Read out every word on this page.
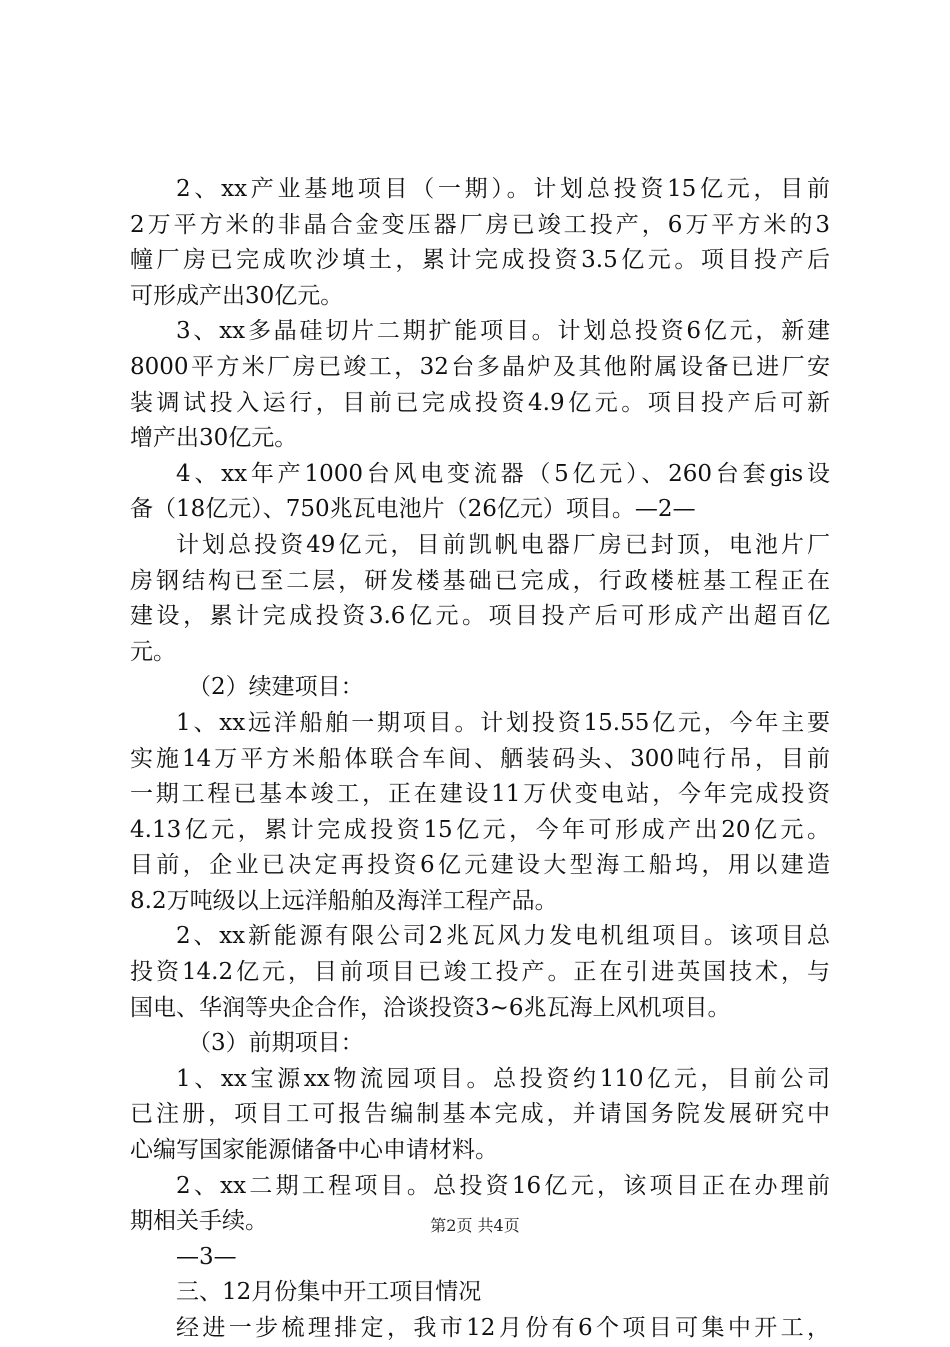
2、xx产业基地项目（一期）。计划总投资15亿元，目前
2万平方米的非晶合金变压器厂房已竣工投产，6万平方米的3
幢厂房已完成吹沙填土，累计完成投资3.5亿元。项目投产后
可形成产出30亿元。
3、xx多晶硅切片二期扩能项目。计划总投资6亿元，新建
8000平方米厂房已竣工，32台多晶炉及其他附属设备已进厂安
装调试投入运行，目前已完成投资4.9亿元。项目投产后可新
增产出30亿元。
4、xx年产1000台风电变流器（5亿元）、260台套gis设
备（18亿元）、750兆瓦电池片（26亿元）项目。—2—
计划总投资49亿元，目前凯帆电器厂房已封顶，电池片厂
房钢结构已至二层，研发楼基础已完成，行政楼桩基工程正在
建设，累计完成投资3.6亿元。项目投产后可形成产出超百亿
元。
（2）续建项目：
1、xx远洋船舶一期项目。计划投资15.55亿元，今年主要
实施14万平方米船体联合车间、舾装码头、300吨行吊，目前
一期工程已基本竣工，正在建设11万伏变电站，今年完成投资
4.13亿元，累计完成投资15亿元，今年可形成产出20亿元。
目前，企业已决定再投资6亿元建设大型海工船坞，用以建造
8.2万吨级以上远洋船舶及海洋工程产品。
2、xx新能源有限公司2兆瓦风力发电机组项目。该项目总
投资14.2亿元，目前项目已竣工投产。正在引进英国技术，与
国电、华润等央企合作，洽谈投资3~6兆瓦海上风机项目。
（3）前期项目：
1、xx宝源xx物流园项目。总投资约110亿元，目前公司
已注册，项目工可报告编制基本完成，并请国务院发展研究中
心编写国家能源储备中心申请材料。
2、xx二期工程项目。总投资16亿元，该项目正在办理前
期相关手续。
—3—
三、12月份集中开工项目情况
经进一步梳理排定，我市12月份有6个项目可集中开工，
第2页 共4页
